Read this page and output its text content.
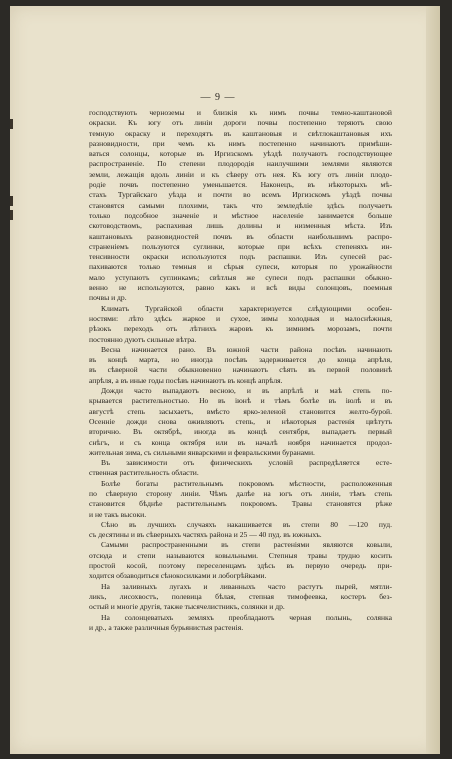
— 9 —
господствують черноземы и близкія къ нимъ почвы темно-каштановой
окраски. Къ югу отъ линіи дороги почвы постепенно теряютъ свою
темную окраску и переходятъ въ каштановыя и свѣтлокаштановыя ихъ
разновидности, при чемъ къ нимъ постепенно начинаютъ примѣши-
ваться солонцы, которые въ Иргизскомъ уѣздѣ получаютъ господствующее
распространеніе. По степени плодородія наилучшими землями являются
земли, лежащія вдоль линіи и къ сѣверу отъ нея. Къ югу отъ линіи плодо-
родіе почвъ постепенно уменьшается. Наконецъ, въ нѣкоторыхъ мѣ-
стахъ Тургайскаго уѣзда и почти во всемъ Иргизскомъ уѣздѣ почвы
становятся самыми плохими, такъ что земледѣліе здѣсь получаетъ
только подсобное значеніе и мѣстное населеніе занимается больше
скотоводствомъ, распахивая лишь долины и низменныя мѣста. Изъ
каштановыхъ разновидностей почвъ въ области наибольшимъ распро-
страненіемъ пользуются суглинки, которые при всѣхъ степеняхъ ин-
тенсивности окраски используются подъ распашки. Изъ супесей рас-
пахиваются только темныя и сѣрыя супеси, которыя по урожайности
мало уступаютъ суглинкамъ; свѣтлыя же супеси подъ распашки обыкно-
венно не используются, равно какъ и всѣ виды солонцовъ, поемныя
почвы и др.
Климатъ Тургайской области характеризуется слѣдующими особен-
ностями: лѣто здѣсь жаркое и сухое, зимы холодныя и малоснѣжныя,
рѣзокъ переходъ отъ лѣтнихъ жаровъ къ зимнимъ морозамъ, почти
постоянно дуютъ сильные вѣтра.
Весна начинается рано. Въ южной части района посѣвъ начинають
въ концѣ марта, но иногда посѣвъ задерживается до конца апрѣля,
въ сѣверной части обыкновенно начинаютъ сѣять въ первой половинѣ
апрѣля, а въ иные годы посѣвъ начинаютъ въ концѣ апрѣля.
Дожди часто выпадаютъ весною, и въ апрѣлѣ и маѣ степь по-
крывается растительностью. Но въ іюнѣ и тѣмъ болѣе въ іюлѣ и въ
августѣ степь засыхаетъ, вмѣсто ярко-зеленой становится желто-бурой.
Осенніе дожди снова оживляютъ степь, и нѣкоторыя растенія цвѣтутъ
вторично. Въ октябрѣ, иногда въ концѣ сентября, выпадаетъ первый
снѣгъ, и съ конца октября или въ началѣ ноября начинается продол-
жительная зима, съ сильными январскими и февральскими буранами.
Въ зависимости отъ физическихъ условій распредѣляется есте-
ственная растительность области.
Болѣе богаты растительнымъ покровомъ мѣстности, расположенныя
по сѣверную сторону линіи. Чѣмъ далѣе на югъ отъ линіи, тѣмъ степь
становится бѣднѣе растительнымъ покровомъ. Травы становятся рѣже
и не такъ высоки.
Сѣно въ лучшихъ случаяхъ накашивается въ степи 80 —120 пуд.
съ десятины и въ сѣверныхъ частяхъ района и 25 — 40 пуд. въ южныхъ.
Самыми распространенными въ степи растеніями являются ковыли,
отсюда и степи называются ковыльными. Степныя травы трудно косить
простой косой, поэтому переселенцамъ здѣсь въ первую очередь при-
ходится обзаводиться сѣнокосилками и лобогрѣйками.
На заливныхъ лугахъ и ливанныхъ часто растутъ пырей, мятли-
ликъ, лисохвостъ, полевица бѣлая, степная тимофеевка, костеръ без-
остый и многіе другія, также тысячелистникъ, солянки и др.
На солонцеватыхъ земляхъ преобладаютъ черная полынь, солянка
и др., а также различныя бурьянистыя растенія.
